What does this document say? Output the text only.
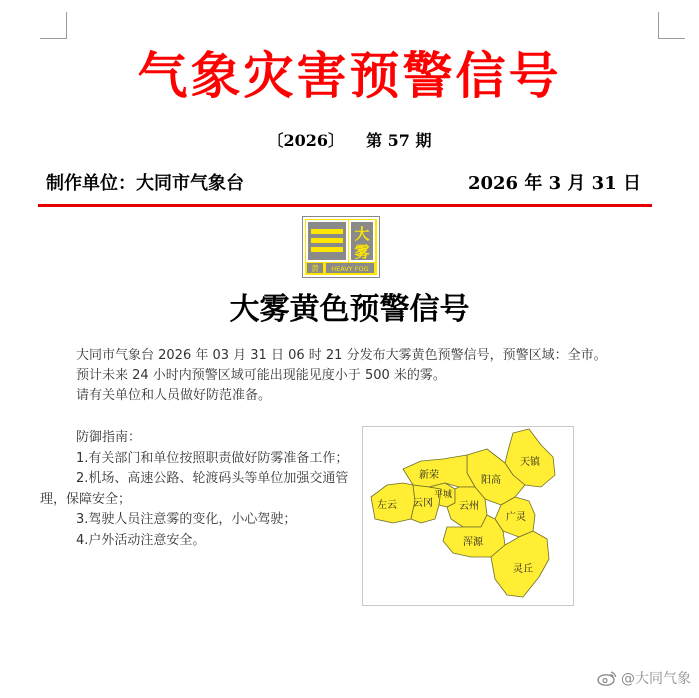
气象灾害预警信号
〔2026〕 第 57 期
制作单位：大同市气象台	2026 年 3 月 31 日
大
雾
黄 HEAVY FOG
大雾黄色预警信号

大同市气象台 2026 年 03 月 31 日 06 时 21 分发布大雾黄色预警信号，预警区域：全市。

预计未来 24 小时内预警区域可能出现能见度小于 500 米的雾。

请有关单位和人员做好防范准备。

防御指南：

1.有关部门和单位按照职责做好防雾准备工作；

2.机场、高速公路、轮渡码头等单位加强交通管理，保障安全；

3.驾驶人员注意雾的变化，小心驾驶；

4.户外活动注意安全。

天镇
新荣	阳高
平城
云冈
左云	云州
广灵
浑源
灵丘
@大同气象
